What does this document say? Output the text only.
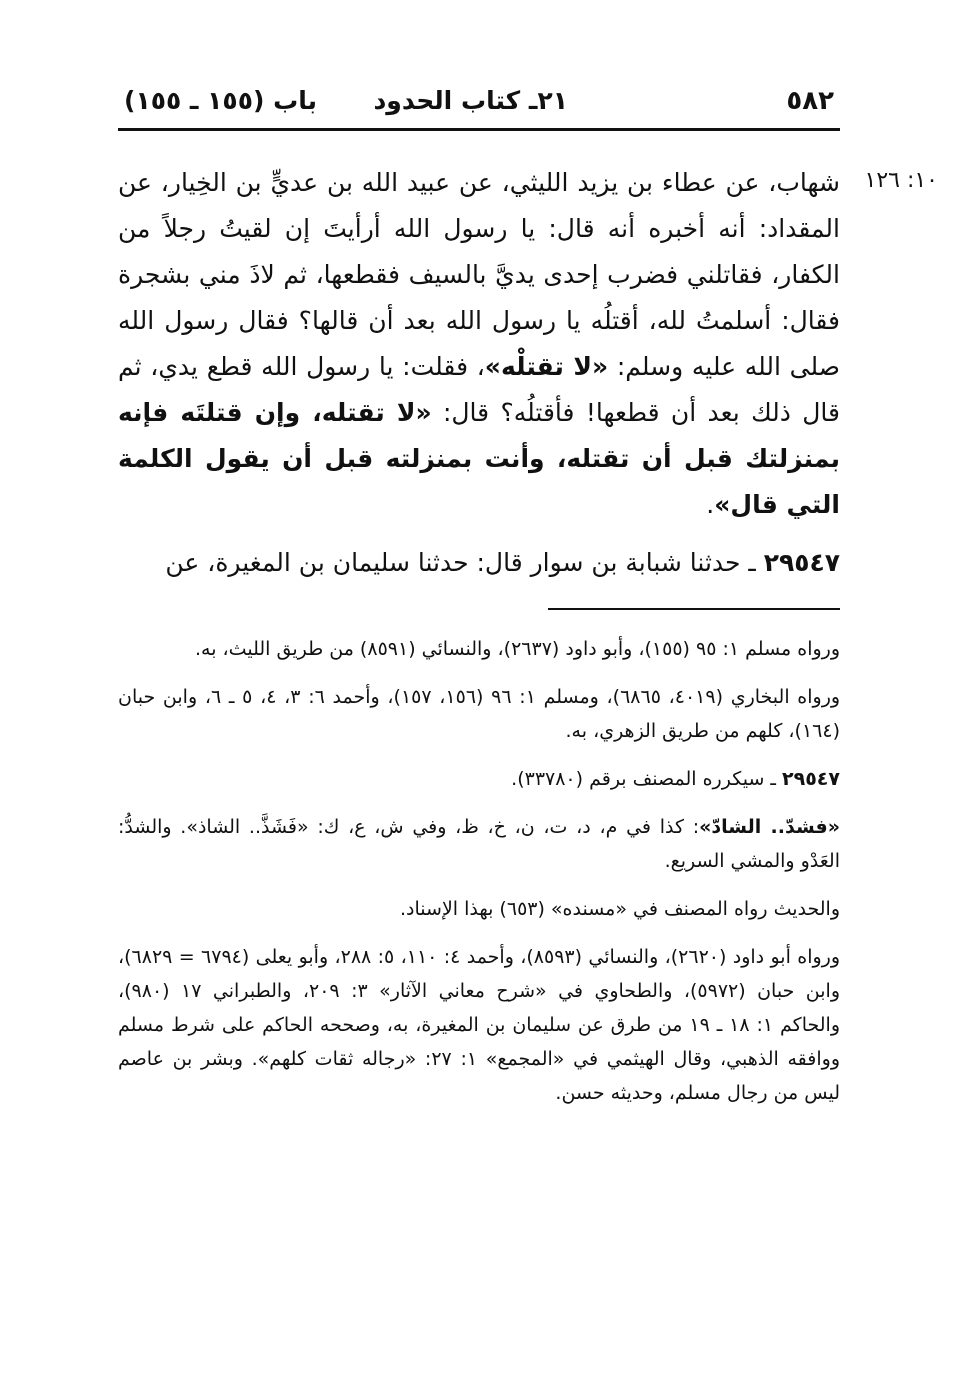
٥٨٢
٢١ـ كتاب الحدود
باب (١٥٥ ـ ١٥٥)
١٠: ١٢٦

شهاب، عن عطاء بن يزيد الليثي، عن عبيد الله بن عديٍّ بن الخِيار، عن المقداد: أنه أخبره أنه قال: يا رسول الله أرأيتَ إن لقيتُ رجلاً من الكفار، فقاتلني فضرب إحدى يديَّ بالسيف فقطعها، ثم لاذَ مني بشجرة فقال: أسلمتُ لله، أقتلُه يا رسول الله بعد أن قالها؟ فقال رسول الله صلى الله عليه وسلم: «لا تقتلْه»، فقلت: يا رسول الله قطع يدي، ثم قال ذلك بعد أن قطعها! فأقتلُه؟ قال: «لا تقتله، وإن قتلتَه فإنه بمنزلتك قبل أن تقتله، وأنت بمنزلته قبل أن يقول الكلمة التي قال».

٢٩٥٤٧ ـ حدثنا شبابة بن سوار قال: حدثنا سليمان بن المغيرة، عن

ورواه مسلم ١: ٩٥ (١٥٥)، وأبو داود (٢٦٣٧)، والنسائي (٨٥٩١) من طريق الليث، به.

ورواه البخاري (٤٠١٩، ٦٨٦٥)، ومسلم ١: ٩٦ (١٥٦، ١٥٧)، وأحمد ٦: ٣، ٤، ٥ ـ ٦، وابن حبان (١٦٤)، كلهم من طريق الزهري، به.

٢٩٥٤٧ ـ سيكرره المصنف برقم (٣٣٧٨٠).

«فشدّ.. الشادّ»: كذا في م، د، ت، ن، خ، ظ، وفي ش، ع، ك: «فَشَذَّ.. الشاذ». والشدُّ: العَدْو والمشي السريع.

والحديث رواه المصنف في «مسنده» (٦٥٣) بهذا الإسناد.

ورواه أبو داود (٢٦٢٠)، والنسائي (٨٥٩٣)، وأحمد ٤: ١١٠، ٥: ٢٨٨، وأبو يعلى (٦٧٩٤ = ٦٨٢٩)، وابن حبان (٥٩٧٢)، والطحاوي في «شرح معاني الآثار» ٣: ٢٠٩، والطبراني ١٧ (٩٨٠)، والحاكم ١: ١٨ ـ ١٩ من طرق عن سليمان بن المغيرة، به، وصححه الحاكم على شرط مسلم ووافقه الذهبي، وقال الهيثمي في «المجمع» ١: ٢٧: «رجاله ثقات كلهم». وبشر بن عاصم ليس من رجال مسلم، وحديثه حسن.
